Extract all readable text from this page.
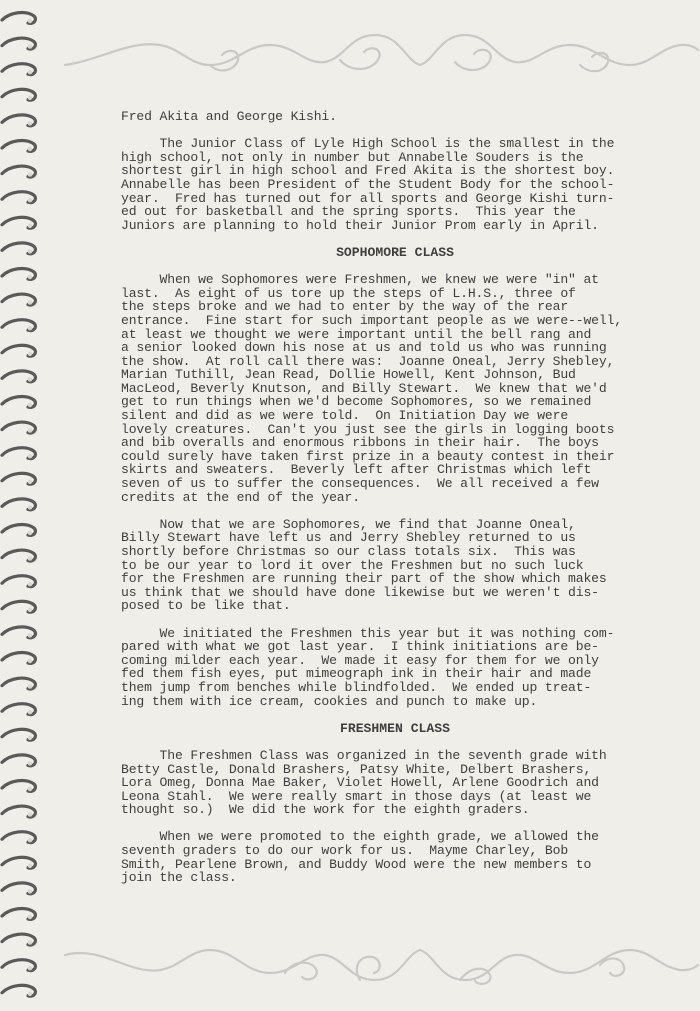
Fred Akita and George Kishi.

The Junior Class of Lyle High School is the smallest in the

high school, not only in number but Annabelle Souders is the

shortest girl in high school and Fred Akita is the shortest boy.

Annabelle has been President of the Student Body for the school-

year.  Fred has turned out for all sports and George Kishi turn-

ed out for basketball and the spring sports.  This year the

Juniors are planning to hold their Junior Prom early in April.

SOPHOMORE CLASS

When we Sophomores were Freshmen, we knew we were "in" at

last.  As eight of us tore up the steps of L.H.S., three of

the steps broke and we had to enter by the way of the rear

entrance.  Fine start for such important people as we were--well,

at least we thought we were important until the bell rang and

a senior looked down his nose at us and told us who was running

the show.  At roll call there was:  Joanne Oneal, Jerry Shebley,

Marian Tuthill, Jean Read, Dollie Howell, Kent Johnson, Bud

MacLeod, Beverly Knutson, and Billy Stewart.  We knew that we'd

get to run things when we'd become Sophomores, so we remained

silent and did as we were told.  On Initiation Day we were

lovely creatures.  Can't you just see the girls in logging boots

and bib overalls and enormous ribbons in their hair.  The boys

could surely have taken first prize in a beauty contest in their

skirts and sweaters.  Beverly left after Christmas which left

seven of us to suffer the consequences.  We all received a few

credits at the end of the year.

Now that we are Sophomores, we find that Joanne Oneal,

Billy Stewart have left us and Jerry Shebley returned to us

shortly before Christmas so our class totals six.  This was

to be our year to lord it over the Freshmen but no such luck

for the Freshmen are running their part of the show which makes

us think that we should have done likewise but we weren't dis-

posed to be like that.

We initiated the Freshmen this year but it was nothing com-

pared with what we got last year.  I think initiations are be-

coming milder each year.  We made it easy for them for we only

fed them fish eyes, put mimeograph ink in their hair and made

them jump from benches while blindfolded.  We ended up treat-

ing them with ice cream, cookies and punch to make up.

FRESHMEN CLASS

The Freshmen Class was organized in the seventh grade with

Betty Castle, Donald Brashers, Patsy White, Delbert Brashers,

Lora Omeg, Donna Mae Baker, Violet Howell, Arlene Goodrich and

Leona Stahl.  We were really smart in those days (at least we

thought so.)  We did the work for the eighth graders.

When we were promoted to the eighth grade, we allowed the

seventh graders to do our work for us.  Mayme Charley, Bob

Smith, Pearlene Brown, and Buddy Wood were the new members to

join the class.
